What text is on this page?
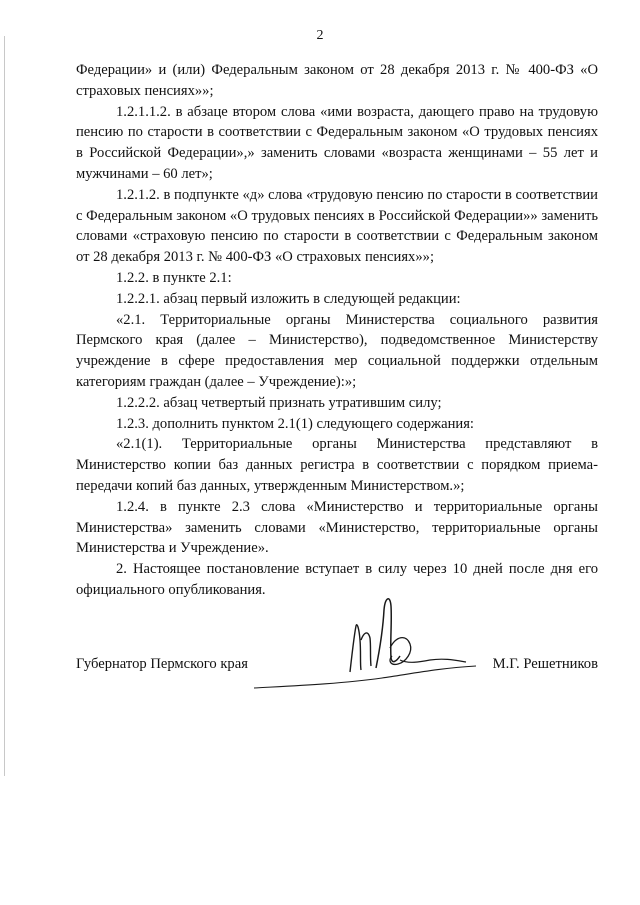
2

Федерации» и (или) Федеральным законом от 28 декабря 2013 г. № 400-ФЗ «О страховых пенсиях»»;

1.2.1.1.2. в абзаце втором слова «ими возраста, дающего право на трудовую пенсию по старости в соответствии с Федеральным законом «О трудовых пенсиях в Российской Федерации»,» заменить словами «возраста женщинами – 55 лет и мужчинами – 60 лет»;

1.2.1.2. в подпункте «д» слова «трудовую пенсию по старости в соответствии с Федеральным законом «О трудовых пенсиях в Российской Федерации»» заменить словами «страховую пенсию по старости в соответствии с Федеральным законом от 28 декабря 2013 г. № 400-ФЗ «О страховых пенсиях»»;

1.2.2. в пункте 2.1:

1.2.2.1. абзац первый изложить в следующей редакции:

«2.1. Территориальные органы Министерства социального развития Пермского края (далее – Министерство), подведомственное Министерству учреждение в сфере предоставления мер социальной поддержки отдельным категориям граждан (далее – Учреждение):»;

1.2.2.2. абзац четвертый признать утратившим силу;

1.2.3. дополнить пунктом 2.1(1) следующего содержания:

«2.1(1). Территориальные органы Министерства представляют в Министерство копии баз данных регистра в соответствии с порядком приема-передачи копий баз данных, утвержденным Министерством.»;

1.2.4. в пункте 2.3 слова «Министерство и территориальные органы Министерства» заменить словами «Министерство, территориальные органы Министерства и Учреждение».

2. Настоящее постановление вступает в силу через 10 дней после дня его официального опубликования.

Губернатор Пермского края	М.Г. Решетников
